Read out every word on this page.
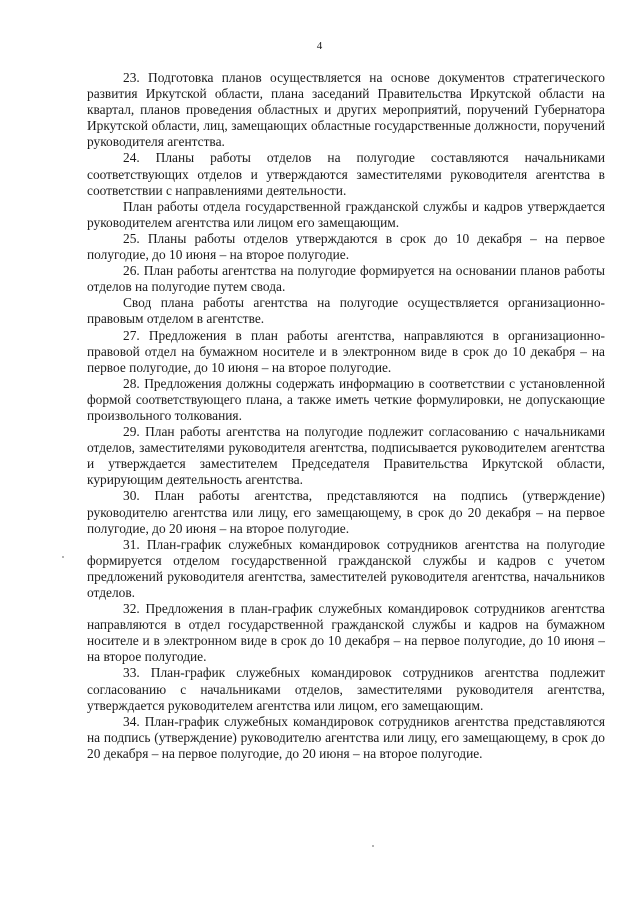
4

23. Подготовка планов осуществляется на основе документов стратегического развития Иркутской области, плана заседаний Правительства Иркутской области на квартал, планов проведения областных и других мероприятий, поручений Губернатора Иркутской области, лиц, замещающих областные государственные должности, поручений руководителя агентства.

24. Планы работы отделов на полугодие составляются начальниками соответствующих отделов и утверждаются заместителями руководителя агентства в соответствии с направлениями деятельности.

План работы отдела государственной гражданской службы и кадров утверждается руководителем агентства или лицом его замещающим.

25. Планы работы отделов утверждаются в срок до 10 декабря – на первое полугодие, до 10 июня – на второе полугодие.

26. План работы агентства на полугодие формируется на основании планов работы отделов на полугодие путем свода.

Свод плана работы агентства на полугодие осуществляется организационно-правовым отделом в агентстве.

27. Предложения в план работы агентства, направляются в организационно-правовой отдел на бумажном носителе и в электронном виде в срок до 10 декабря – на первое полугодие, до 10 июня – на второе полугодие.

28. Предложения должны содержать информацию в соответствии с установленной формой соответствующего плана, а также иметь четкие формулировки, не допускающие произвольного толкования.

29. План работы агентства на полугодие подлежит согласованию с начальниками отделов, заместителями руководителя агентства, подписывается руководителем агентства и утверждается заместителем Председателя Правительства Иркутской области, курирующим деятельность агентства.

30. План работы агентства, представляются на подпись (утверждение) руководителю агентства или лицу, его замещающему, в срок до 20 декабря – на первое полугодие, до 20 июня – на второе полугодие.

31. План-график служебных командировок сотрудников агентства на полугодие формируется отделом государственной гражданской службы и кадров с учетом предложений руководителя агентства, заместителей руководителя агентства, начальников отделов.

32. Предложения в план-график служебных командировок сотрудников агентства направляются в отдел государственной гражданской службы и кадров на бумажном носителе и в электронном виде в срок до 10 декабря – на первое полугодие, до 10 июня – на второе полугодие.

33. План-график служебных командировок сотрудников агентства подлежит согласованию с начальниками отделов, заместителями руководителя агентства, утверждается руководителем агентства или лицом, его замещающим.

34. План-график служебных командировок сотрудников агентства представляются на подпись (утверждение) руководителю агентства или лицу, его замещающему, в срок до 20 декабря – на первое полугодие, до 20 июня – на второе полугодие.
